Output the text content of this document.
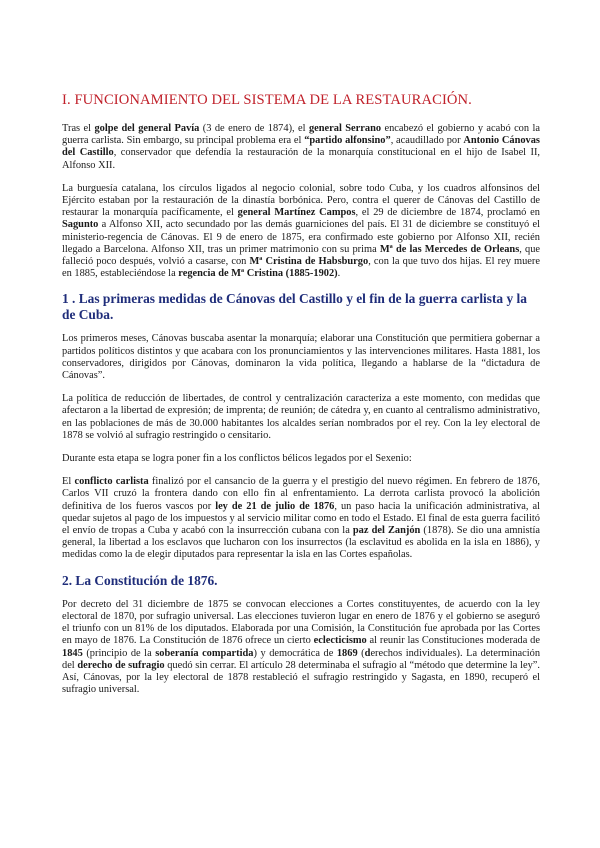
I. FUNCIONAMIENTO DEL SISTEMA DE LA RESTAURACIÓN.

Tras el golpe del general Pavía (3 de enero de 1874), el general Serrano encabezó el gobierno y acabó con la guerra carlista. Sin embargo, su principal problema era el “partido alfonsino”, acaudillado por Antonio Cánovas del Castillo, conservador que defendía la restauración de la monarquía constitucional en el hijo de Isabel II, Alfonso XII.

La burguesía catalana, los círculos ligados al negocio colonial, sobre todo Cuba, y los cuadros alfonsinos del Ejército estaban por la restauración de la dinastía borbónica. Pero, contra el querer de Cánovas del Castillo de restaurar la monarquía pacíficamente, el general Martínez Campos, el 29 de diciembre de 1874, proclamó en Sagunto a Alfonso XII, acto secundado por las demás guarniciones del país. El 31 de diciembre se constituyó el ministerio-regencia de Cánovas. El 9 de enero de 1875, era confirmado este gobierno por Alfonso XII, recién llegado a Barcelona. Alfonso XII, tras un primer matrimonio con su prima Mª de las Mercedes de Orleans, que falleció poco después, volvió a casarse, con Mª Cristina de Habsburgo, con la que tuvo dos hijas. El rey muere en 1885, estableciéndose la regencia de Mª Cristina (1885-1902).

1 . Las primeras medidas de Cánovas del Castillo y el fin de la guerra carlista y la de Cuba.

Los primeros meses, Cánovas buscaba asentar la monarquía; elaborar una Constitución que permitiera gobernar a partidos políticos distintos y que acabara con los pronunciamientos y las intervenciones militares. Hasta 1881, los conservadores, dirigidos por Cánovas, dominaron la vida política, llegando a hablarse de la “dictadura de Cánovas”.

La política de reducción de libertades, de control y centralización caracteriza a este momento, con medidas que afectaron a la libertad de expresión; de imprenta; de reunión; de cátedra y, en cuanto al centralismo administrativo, en las poblaciones de más de 30.000 habitantes los alcaldes serían nombrados por el rey. Con la ley electoral de 1878 se volvió al sufragio restringido o censitario.

Durante esta etapa se logra poner fin a los conflictos bélicos legados por el Sexenio:

El conflicto carlista finalizó por el cansancio de la guerra y el prestigio del nuevo régimen. En febrero de 1876, Carlos VII cruzó la frontera dando con ello fin al enfrentamiento. La derrota carlista provocó la abolición definitiva de los fueros vascos por ley de 21 de julio de 1876, un paso hacia la unificación administrativa, al quedar sujetos al pago de los impuestos y al servicio militar como en todo el Estado. El final de esta guerra facilitó el envío de tropas a Cuba y acabó con la insurrección cubana con la paz del Zanjón (1878). Se dio una amnistía general, la libertad a los esclavos que lucharon con los insurrectos (la esclavitud es abolida en la isla en 1886), y medidas como la de elegir diputados para representar la isla en las Cortes españolas.

2. La Constitución de 1876.

Por decreto del 31 diciembre de 1875 se convocan elecciones a Cortes constituyentes, de acuerdo con la ley electoral de 1870, por sufragio universal. Las elecciones tuvieron lugar en enero de 1876 y el gobierno se aseguró el triunfo con un 81% de los diputados. Elaborada por una Comisión, la Constitución fue aprobada por las Cortes en mayo de 1876. La Constitución de 1876 ofrece un cierto eclecticismo al reunir las Constituciones moderada de 1845 (principio de la soberanía compartida) y democrática de 1869 (derechos individuales). La determinación del derecho de sufragio quedó sin cerrar. El artículo 28 determinaba el sufragio al “método que determine la ley”. Así, Cánovas, por la ley electoral de 1878 restableció el sufragio restringido y Sagasta, en 1890, recuperó el sufragio universal.
